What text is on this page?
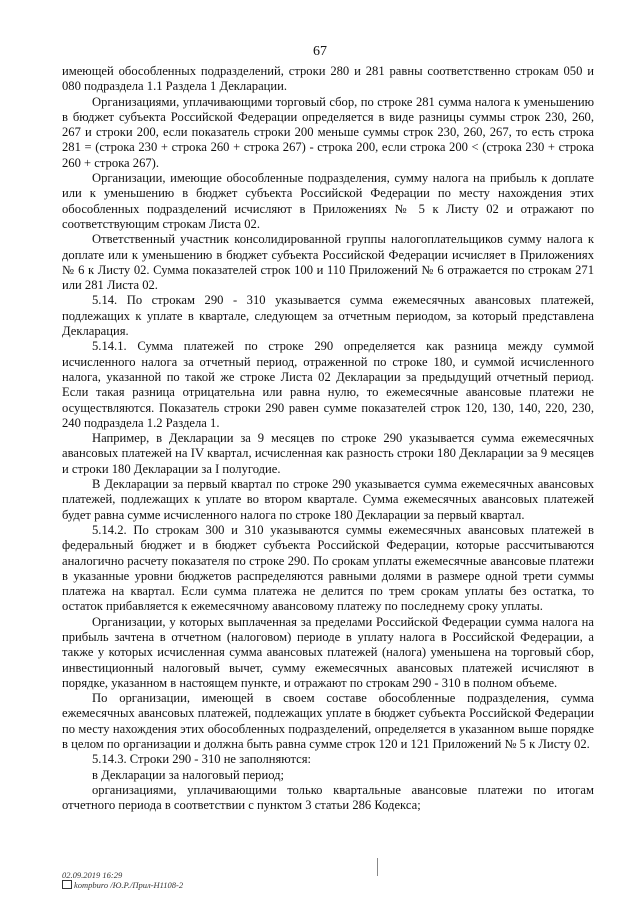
67

имеющей обособленных подразделений, строки 280 и 281 равны соответственно строкам 050 и 080 подраздела 1.1 Раздела 1 Декларации.

Организациями, уплачивающими торговый сбор, по строке 281 сумма налога к уменьшению в бюджет субъекта Российской Федерации определяется в виде разницы суммы строк 230, 260, 267 и строки 200, если показатель строки 200 меньше суммы строк 230, 260, 267, то есть строка 281 = (строка 230 + строка 260 + строка 267) - строка 200, если строка 200 < (строка 230 + строка 260 + строка 267).

Организации, имеющие обособленные подразделения, сумму налога на прибыль к доплате или к уменьшению в бюджет субъекта Российской Федерации по месту нахождения этих обособленных подразделений исчисляют в Приложениях № 5 к Листу 02 и отражают по соответствующим строкам Листа 02.

Ответственный участник консолидированной группы налогоплательщиков сумму налога к доплате или к уменьшению в бюджет субъекта Российской Федерации исчисляет в Приложениях № 6 к Листу 02. Сумма показателей строк 100 и 110 Приложений № 6 отражается по строкам 271 или 281 Листа 02.

5.14. По строкам 290 - 310 указывается сумма ежемесячных авансовых платежей, подлежащих к уплате в квартале, следующем за отчетным периодом, за который представлена Декларация.

5.14.1. Сумма платежей по строке 290 определяется как разница между суммой исчисленного налога за отчетный период, отраженной по строке 180, и суммой исчисленного налога, указанной по такой же строке Листа 02 Декларации за предыдущий отчетный период. Если такая разница отрицательна или равна нулю, то ежемесячные авансовые платежи не осуществляются. Показатель строки 290 равен сумме показателей строк 120, 130, 140, 220, 230, 240 подраздела 1.2 Раздела 1.

Например, в Декларации за 9 месяцев по строке 290 указывается сумма ежемесячных авансовых платежей на IV квартал, исчисленная как разность строки 180 Декларации за 9 месяцев и строки 180 Декларации за I полугодие.

В Декларации за первый квартал по строке 290 указывается сумма ежемесячных авансовых платежей, подлежащих к уплате во втором квартале. Сумма ежемесячных авансовых платежей будет равна сумме исчисленного налога по строке 180 Декларации за первый квартал.

5.14.2. По строкам 300 и 310 указываются суммы ежемесячных авансовых платежей в федеральный бюджет и в бюджет субъекта Российской Федерации, которые рассчитываются аналогично расчету показателя по строке 290. По срокам уплаты ежемесячные авансовые платежи в указанные уровни бюджетов распределяются равными долями в размере одной трети суммы платежа на квартал. Если сумма платежа не делится по трем срокам уплаты без остатка, то остаток прибавляется к ежемесячному авансовому платежу по последнему сроку уплаты.

Организации, у которых выплаченная за пределами Российской Федерации сумма налога на прибыль зачтена в отчетном (налоговом) периоде в уплату налога в Российской Федерации, а также у которых исчисленная сумма авансовых платежей (налога) уменьшена на торговый сбор, инвестиционный налоговый вычет, сумму ежемесячных авансовых платежей исчисляют в порядке, указанном в настоящем пункте, и отражают по строкам 290 - 310 в полном объеме.

По организации, имеющей в своем составе обособленные подразделения, сумма ежемесячных авансовых платежей, подлежащих уплате в бюджет субъекта Российской Федерации по месту нахождения этих обособленных подразделений, определяется в указанном выше порядке в целом по организации и должна быть равна сумме строк 120 и 121 Приложений № 5 к Листу 02.

5.14.3. Строки 290 - 310 не заполняются:

в Декларации за налоговый период;

организациями, уплачивающими только квартальные авансовые платежи по итогам отчетного периода в соответствии с пунктом 3 статьи 286 Кодекса;

02.09.2019 16:29
kompburo /Ю.Р./Прил-Н1108-2
